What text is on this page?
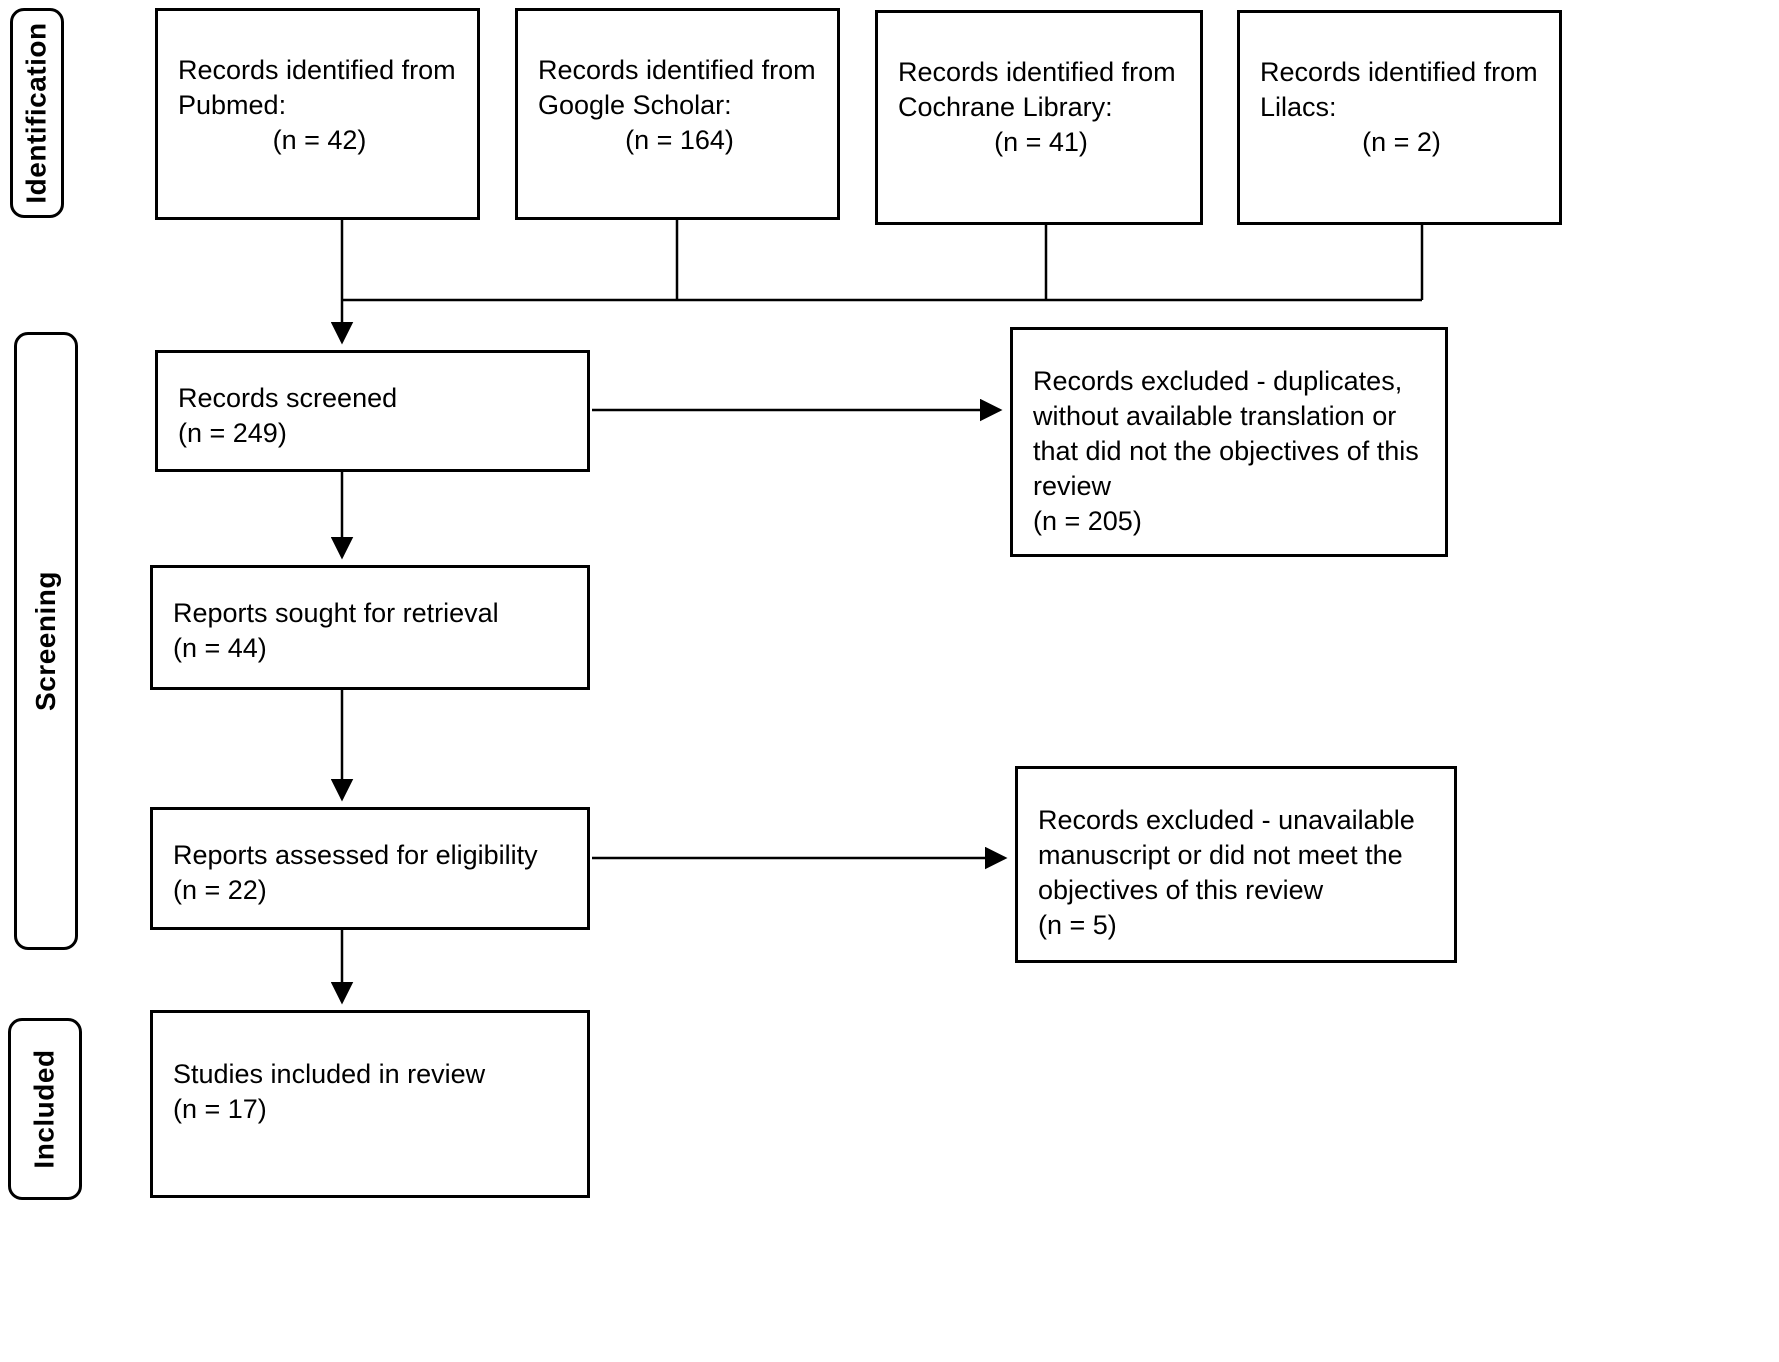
Identification
Screening
Included
Records identified from Pubmed:
(n = 42)
Records identified from Google Scholar:
(n = 164)
Records identified from Cochrane Library:
(n = 41)
Records identified from Lilacs:
(n = 2)
Records screened
(n = 249)
Reports sought for retrieval
(n = 44)
Reports assessed for eligibility
(n = 22)
Studies included in review
(n = 17)
Records excluded - duplicates, without available translation or that did not the objectives of this review
(n = 205)
Records excluded - unavailable manuscript or did not meet the objectives of this review
(n = 5)
